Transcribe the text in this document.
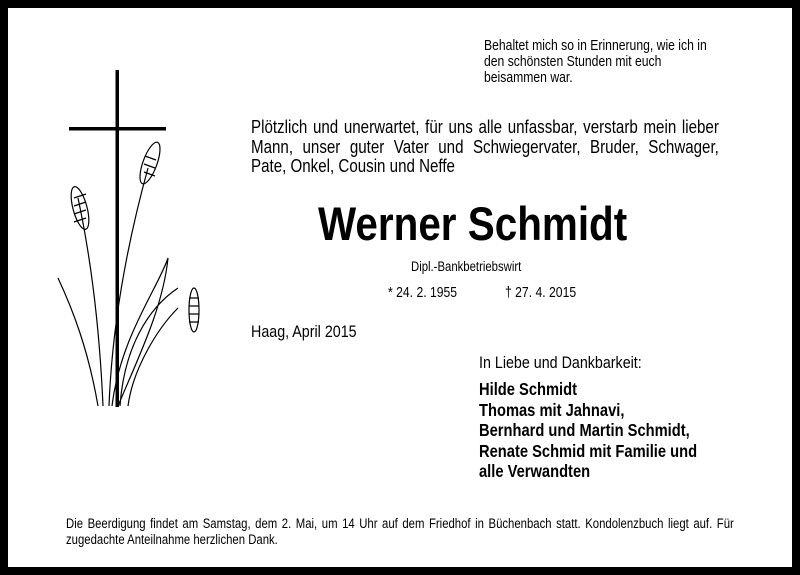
Behaltet mich so in Erinnerung, wie ich in
den schönsten Stunden mit euch
beisammen war.
Plötzlich und unerwartet, für uns alle unfassbar, verstarb mein lieber Mann, unser guter Vater und Schwiegervater, Bruder, Schwager, Pate, Onkel, Cousin und Neffe
Werner Schmidt
Dipl.-Bankbetriebswirt
* 24. 2. 1955	† 27. 4. 2015
Haag, April 2015
In Liebe und Dankbarkeit:
Hilde Schmidt
Thomas mit Jahnavi,
Bernhard und Martin Schmidt,
Renate Schmid mit Familie und
alle Verwandten
Die Beerdigung findet am Samstag, dem 2. Mai, um 14 Uhr auf dem Friedhof in Büchenbach statt. Kondolenzbuch liegt auf. Für zugedachte Anteilnahme herzlichen Dank.
